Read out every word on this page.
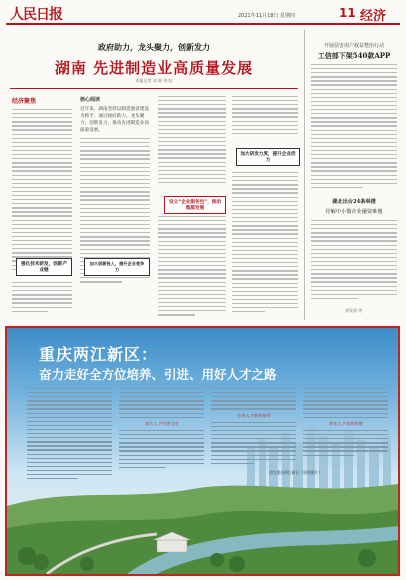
人民日报	2021年11月18日 星期四	11 经济
政府助力，龙头聚力，创新发力
湖南 先进制造业高质量发展
本报记者 刘 源 刘 陆
经济聚焦
强化技术研发，创新产业链
核心阅读
近年来，湖南坚持以制造强省建设为抓手，通过政府助力、龙头聚力、创新发力，推动先进制造业高质量发展。
设立“企业服务包”，推动集群发展
加大研发力度，提升企业活力
加大创新投入，提升企业竞争力
开展侵害用户权益整治行动
工信部下架540款APP
湖北出台24条举措
纾解中小微企业融资难题
刘发明 等
重庆两江新区：
奋力走好全方位培养、引进、用好人才之路
加大人才引进力度
完善人才服务体系
优化人才发展环境
图为重庆两江新区（资料照片）
